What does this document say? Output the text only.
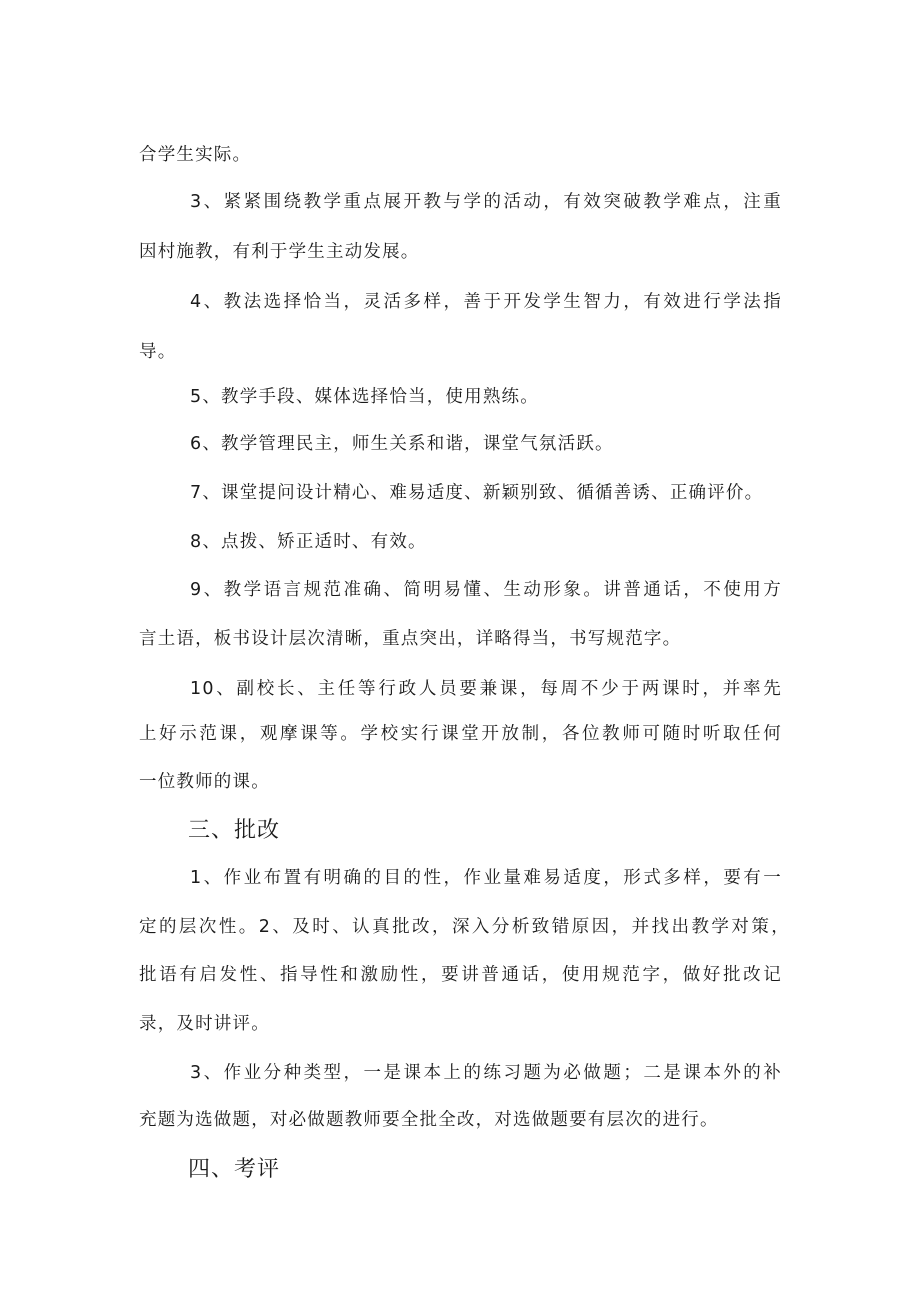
合学生实际。
3、紧紧围绕教学重点展开教与学的活动，有效突破教学难点，注重
因村施教，有利于学生主动发展。
4、教法选择恰当，灵活多样，善于开发学生智力，有效进行学法指
导。
5、教学手段、媒体选择恰当，使用熟练。
6、教学管理民主，师生关系和谐，课堂气氛活跃。
7、课堂提问设计精心、难易适度、新颖别致、循循善诱、正确评价。
8、点拨、矫正适时、有效。
9、教学语言规范准确、简明易懂、生动形象。讲普通话，不使用方
言土语，板书设计层次清晰，重点突出，详略得当，书写规范字。
10、副校长、主任等行政人员要兼课，每周不少于两课时，并率先
上好示范课，观摩课等。学校实行课堂开放制，各位教师可随时听取任何
一位教师的课。
三、批改
1、作业布置有明确的目的性，作业量难易适度，形式多样，要有一
定的层次性。2、及时、认真批改，深入分析致错原因，并找出教学对策，
批语有启发性、指导性和激励性，要讲普通话，使用规范字，做好批改记
录，及时讲评。
3、作业分种类型，一是课本上的练习题为必做题；二是课本外的补
充题为选做题，对必做题教师要全批全改，对选做题要有层次的进行。
四、考评
